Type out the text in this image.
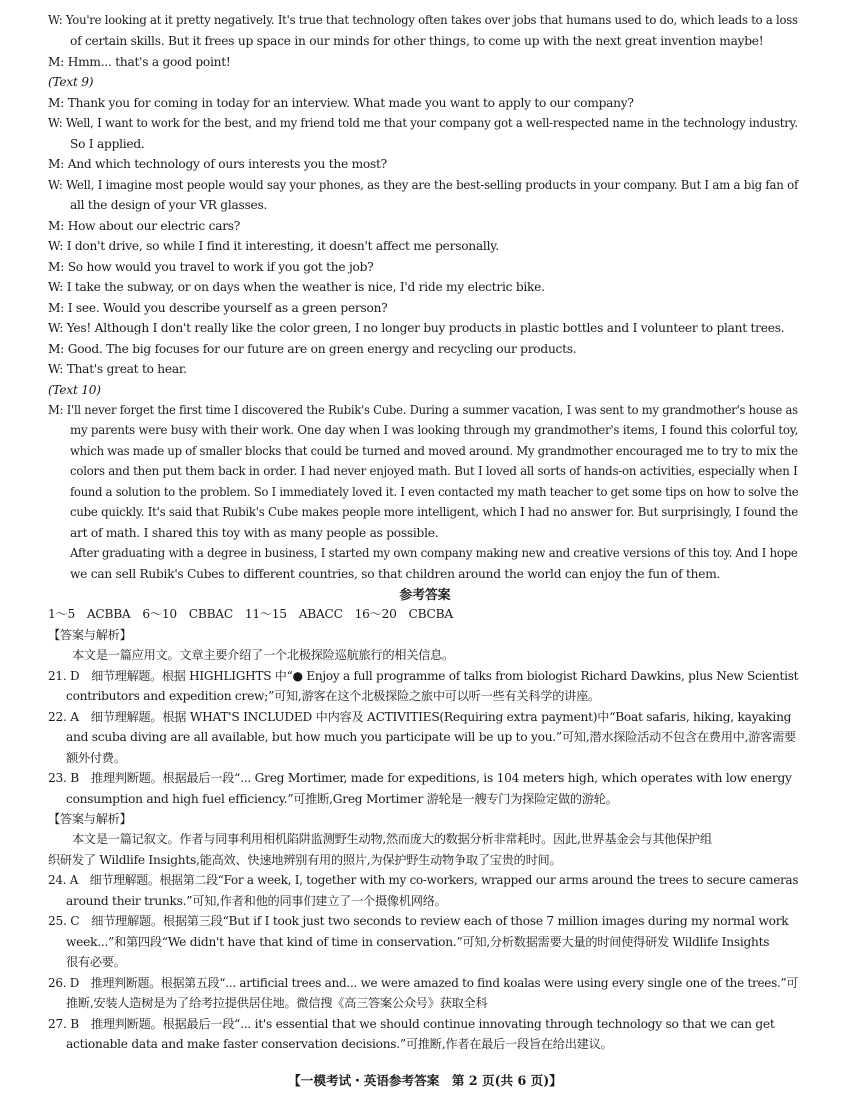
W: You're looking at it pretty negatively. It's true that technology often takes over jobs that humans used to do, which leads to a loss
of certain skills. But it frees up space in our minds for other things, to come up with the next great invention maybe!
M: Hmm... that's a good point!
(Text 9)
M: Thank you for coming in today for an interview. What made you want to apply to our company?
W: Well, I want to work for the best, and my friend told me that your company got a well-respected name in the technology industry.
So I applied.
M: And which technology of ours interests you the most?
W: Well, I imagine most people would say your phones, as they are the best-selling products in your company. But I am a big fan of
all the design of your VR glasses.
M: How about our electric cars?
W: I don't drive, so while I find it interesting, it doesn't affect me personally.
M: So how would you travel to work if you got the job?
W: I take the subway, or on days when the weather is nice, I'd ride my electric bike.
M: I see. Would you describe yourself as a green person?
W: Yes! Although I don't really like the color green, I no longer buy products in plastic bottles and I volunteer to plant trees.
M: Good. The big focuses for our future are on green energy and recycling our products.
W: That's great to hear.
(Text 10)
M: I'll never forget the first time I discovered the Rubik's Cube. During a summer vacation, I was sent to my grandmother's house as
my parents were busy with their work. One day when I was looking through my grandmother's items, I found this colorful toy,
which was made up of smaller blocks that could be turned and moved around. My grandmother encouraged me to try to mix the
colors and then put them back in order. I had never enjoyed math. But I loved all sorts of hands-on activities, especially when I
found a solution to the problem. So I immediately loved it. I even contacted my math teacher to get some tips on how to solve the
cube quickly. It's said that Rubik's Cube makes people more intelligent, which I had no answer for. But surprisingly, I found the
art of math. I shared this toy with as many people as possible.
After graduating with a degree in business, I started my own company making new and creative versions of this toy. And I hope
we can sell Rubik's Cubes to different countries, so that children around the world can enjoy the fun of them.
参考答案
1～5　ACBBA　6～10　CBBAC　11～15　ABACC　16～20　CBCBA
【答案与解析】
本文是一篇应用文。文章主要介绍了一个北极探险巡航旅行的相关信息。
21. D　细节理解题。根据 HIGHLIGHTS 中“● Enjoy a full programme of talks from biologist Richard Dawkins, plus New Scientist
contributors and expedition crew;”可知,游客在这个北极探险之旅中可以听一些有关科学的讲座。
22. A　细节理解题。根据 WHAT'S INCLUDED 中内容及 ACTIVITIES(Requiring extra payment)中“Boat safaris, hiking, kayaking
and scuba diving are all available, but how much you participate will be up to you.”可知,潜水探险活动不包含在费用中,游客需要
额外付费。
23. B　推理判断题。根据最后一段“... Greg Mortimer, made for expeditions, is 104 meters high, which operates with low energy
consumption and high fuel efficiency.”可推断,Greg Mortimer 游轮是一艘专门为探险定做的游轮。
【答案与解析】
本文是一篇记叙文。作者与同事利用相机陷阱监测野生动物,然而庞大的数据分析非常耗时。因此,世界基金会与其他保护组
织研发了 Wildlife Insights,能高效、快速地辨别有用的照片,为保护野生动物争取了宝贵的时间。
24. A　细节理解题。根据第二段“For a week, I, together with my co-workers, wrapped our arms around the trees to secure cameras
around their trunks.”可知,作者和他的同事们建立了一个摄像机网络。
25. C　细节理解题。根据第三段“But if I took just two seconds to review each of those 7 million images during my normal work
week...”和第四段“We didn't have that kind of time in conservation.”可知,分析数据需要大量的时间使得研发 Wildlife Insights
很有必要。
26. D　推理判断题。根据第五段“... artificial trees and... we were amazed to find koalas were using every single one of the trees.”可
推断,安装人造树是为了给考拉提供居住地。微信搜《高三答案公众号》获取全科
27. B　推理判断题。根据最后一段“... it's essential that we should continue innovating through technology so that we can get
actionable data and make faster conservation decisions.”可推断,作者在最后一段旨在给出建议。
【一模考试・英语参考答案　第 2 页(共 6 页)】
